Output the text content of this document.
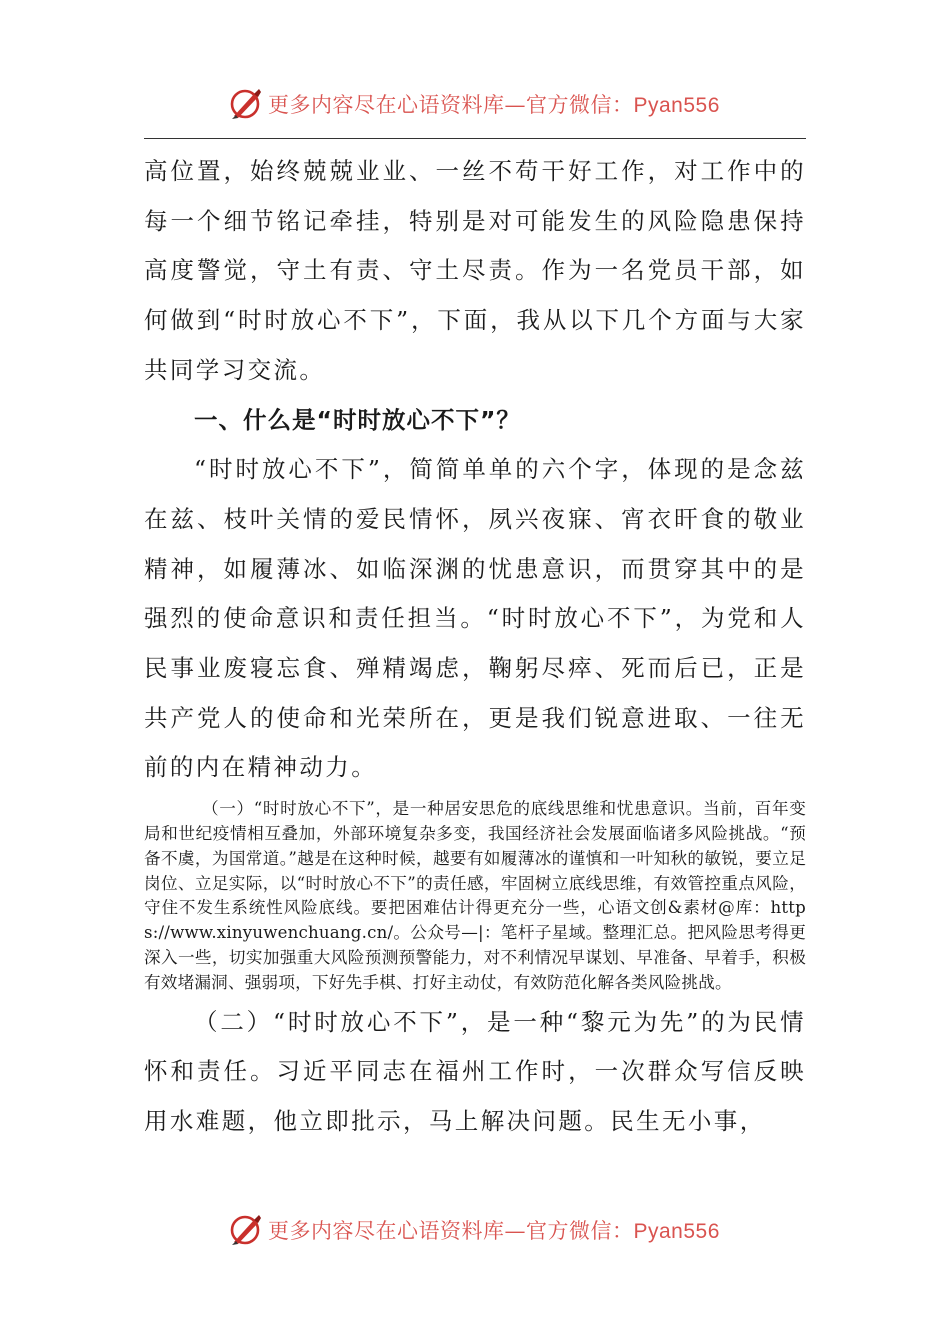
更多内容尽在心语资料库—官方微信：Pyan556

高位置，始终兢兢业业、一丝不苟干好工作，对工作中的每一个细节铭记牵挂，特别是对可能发生的风险隐患保持高度警觉，守土有责、守土尽责。作为一名党员干部，如何做到“时时放心不下”，下面，我从以下几个方面与大家共同学习交流。

一、什么是“时时放心不下”？

“时时放心不下”，简简单单的六个字，体现的是念兹在兹、枝叶关情的爱民情怀，夙兴夜寐、宵衣旰食的敬业精神，如履薄冰、如临深渊的忧患意识，而贯穿其中的是强烈的使命意识和责任担当。“时时放心不下”，为党和人民事业废寝忘食、殚精竭虑，鞠躬尽瘁、死而后已，正是共产党人的使命和光荣所在，更是我们锐意进取、一往无前的内在精神动力。

（一）“时时放心不下”，是一种居安思危的底线思维和忧患意识。当前，百年变局和世纪疫情相互叠加，外部环境复杂多变，我国经济社会发展面临诸多风险挑战。“预备不虞，为国常道。”越是在这种时候，越要有如履薄冰的谨慎和一叶知秋的敏锐，要立足岗位、立足实际，以“时时放心不下”的责任感，牢固树立底线思维，有效管控重点风险，守住不发生系统性风险底线。要把困难估计得更充分一些，心语文创&素材@库：https://www.xinyuwenchuang.cn/。公众号—|：笔杆子星域。整理汇总。把风险思考得更深入一些，切实加强重大风险预测预警能力，对不利情况早谋划、早准备、早着手，积极有效堵漏洞、强弱项，下好先手棋、打好主动仗，有效防范化解各类风险挑战。

（二）“时时放心不下”，是一种“黎元为先”的为民情怀和责任。习近平同志在福州工作时，一次群众写信反映用水难题，他立即批示，马上解决问题。民生无小事，

更多内容尽在心语资料库—官方微信：Pyan556
